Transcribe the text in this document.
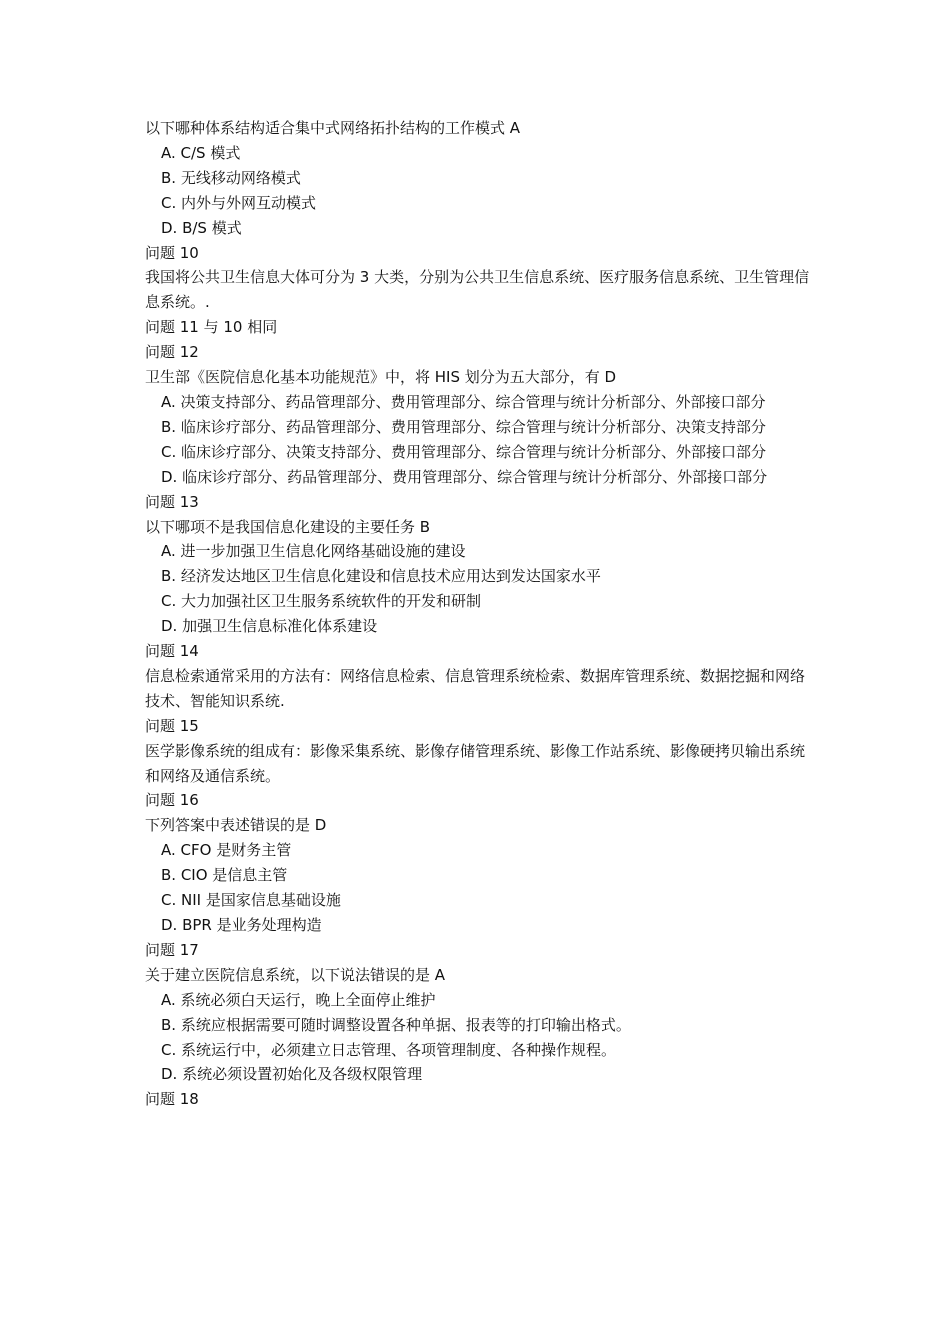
以下哪种体系结构适合集中式网络拓扑结构的工作模式 A
A. C/S 模式
B. 无线移动网络模式
C. 内外与外网互动模式
D. B/S 模式
问题 10
我国将公共卫生信息大体可分为 3 大类，分别为公共卫生信息系统、医疗服务信息系统、卫生管理信息系统。.
问题 11 与 10 相同
问题 12
卫生部《医院信息化基本功能规范》中，将 HIS 划分为五大部分，有 D
A. 决策支持部分、药品管理部分、费用管理部分、综合管理与统计分析部分、外部接口部分
B. 临床诊疗部分、药品管理部分、费用管理部分、综合管理与统计分析部分、决策支持部分
C. 临床诊疗部分、决策支持部分、费用管理部分、综合管理与统计分析部分、外部接口部分
D. 临床诊疗部分、药品管理部分、费用管理部分、综合管理与统计分析部分、外部接口部分
问题 13
以下哪项不是我国信息化建设的主要任务 B
A. 进一步加强卫生信息化网络基础设施的建设
B. 经济发达地区卫生信息化建设和信息技术应用达到发达国家水平
C. 大力加强社区卫生服务系统软件的开发和研制
D. 加强卫生信息标准化体系建设
问题 14
信息检索通常采用的方法有：网络信息检索、信息管理系统检索、数据库管理系统、数据挖掘和网络技术、智能知识系统.
问题 15
医学影像系统的组成有：影像采集系统、影像存储管理系统、影像工作站系统、影像硬拷贝输出系统和网络及通信系统。
问题 16
下列答案中表述错误的是 D
A. CFO 是财务主管
B. CIO 是信息主管
C. NII 是国家信息基础设施
D. BPR 是业务处理构造
问题 17
关于建立医院信息系统，以下说法错误的是 A
A. 系统必须白天运行，晚上全面停止维护
B. 系统应根据需要可随时调整设置各种单据、报表等的打印输出格式。
C. 系统运行中，必须建立日志管理、各项管理制度、各种操作规程。
D. 系统必须设置初始化及各级权限管理
问题 18
